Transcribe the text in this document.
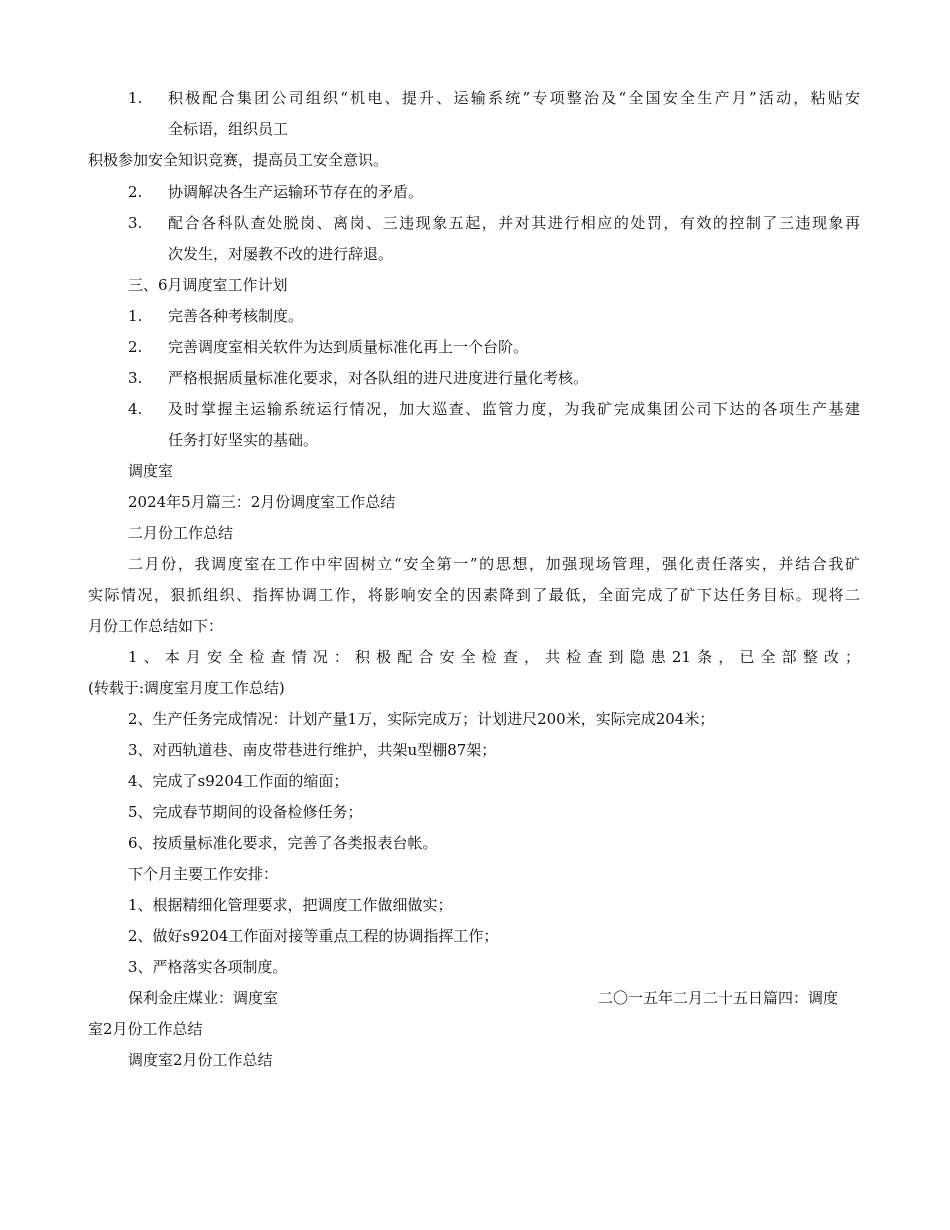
1. 积极配合集团公司组织“机电、提升、运输系统”专项整治及“全国安全生产月”活动，粘贴安
全标语，组织员工
积极参加安全知识竞赛，提高员工安全意识。
2. 协调解决各生产运输环节存在的矛盾。
3. 配合各科队查处脱岗、离岗、三违现象五起，并对其进行相应的处罚，有效的控制了三违现象再
次发生，对屡教不改的进行辞退。
三、6月调度室工作计划
1. 完善各种考核制度。
2. 完善调度室相关软件为达到质量标准化再上一个台阶。
3. 严格根据质量标准化要求，对各队组的进尺进度进行量化考核。
4. 及时掌握主运输系统运行情况，加大巡查、监管力度，为我矿完成集团公司下达的各项生产基建
任务打好坚实的基础。
调度室
2024年5月篇三：2月份调度室工作总结
二月份工作总结
二月份，我调度室在工作中牢固树立“安全第一”的思想，加强现场管理，强化责任落实，并结合我矿
实际情况，狠抓组织、指挥协调工作，将影响安全的因素降到了最低，全面完成了矿下达任务目标。现将二
月份工作总结如下：
1、本月安全检查情况：积极配合安全检查，共检查到隐患21条，已全部整改；
(转载于:调度室月度工作总结)
2、生产任务完成情况：计划产量1万，实际完成万；计划进尺200米，实际完成204米；
3、对西轨道巷、南皮带巷进行维护，共架u型棚87架；
4、完成了s9204工作面的缩面；
5、完成春节期间的设备检修任务；
6、按质量标准化要求，完善了各类报表台帐。
下个月主要工作安排：
1、根据精细化管理要求，把调度工作做细做实；
2、做好s9204工作面对接等重点工程的协调指挥工作；
3、严格落实各项制度。
保利金庄煤业：调度室	二〇一五年二月二十五日篇四：调度
室2月份工作总结
调度室2月份工作总结
